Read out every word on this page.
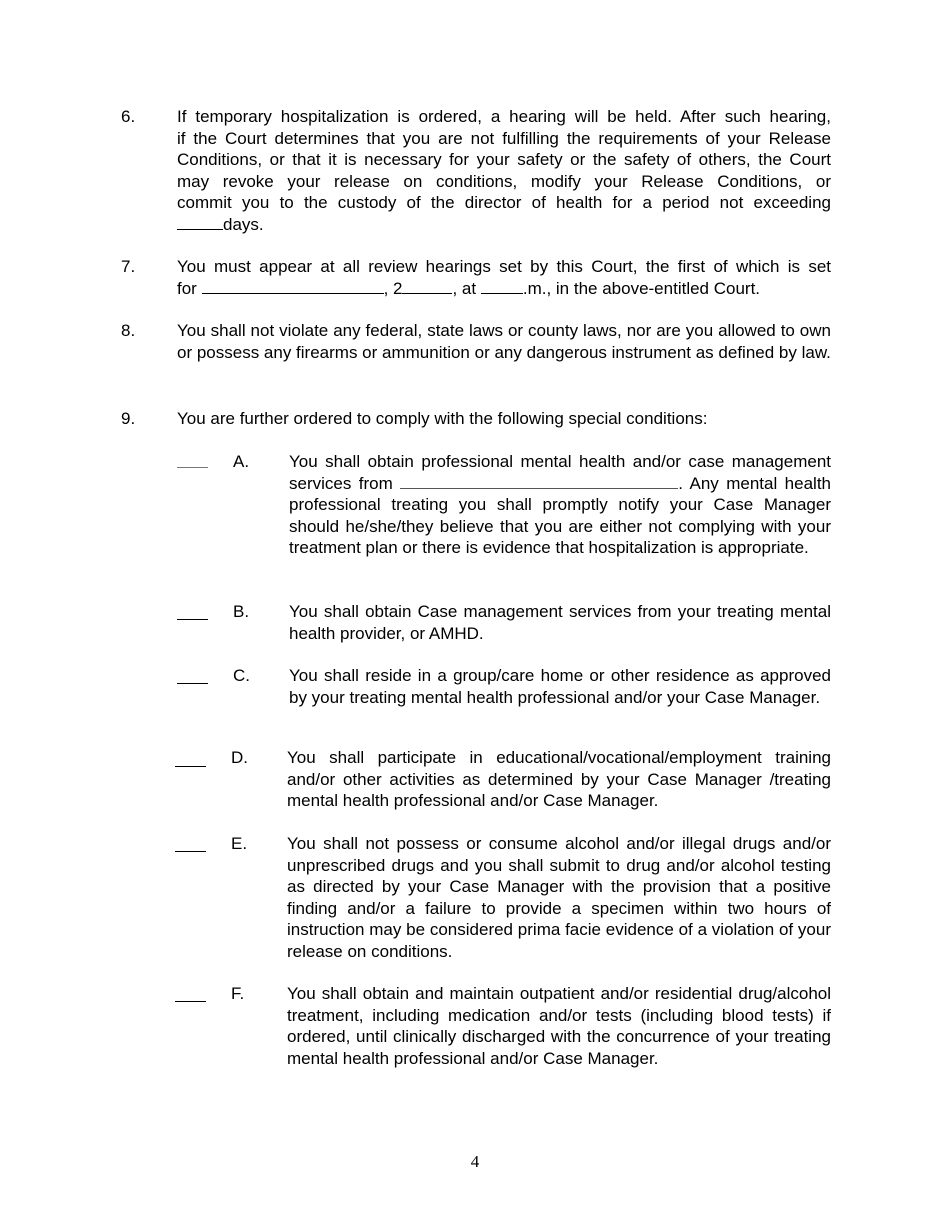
6. If temporary hospitalization is ordered, a hearing will be held. After such hearing,
if the Court determines that you are not fulfilling the requirements of your Release
Conditions, or that it is necessary for your safety or the safety of others, the Court
may revoke your release on conditions, modify your Release Conditions, or
commit you to the custody of the director of health for a period not exceeding
days.
7. You must appear at all review hearings set by this Court, the first of which is set
for	, 2	, at	.m., in the above-entitled Court.
8. You shall not violate any federal, state laws or county laws, nor are you allowed to own or possess any firearms or ammunition or any dangerous instrument as defined by law.
9. You are further ordered to comply with the following special conditions:
A. You shall obtain professional mental health and/or case management services from	. Any mental health professional treating you shall promptly notify your Case Manager should he/she/they believe that you are either not complying with your treatment plan or there is evidence that hospitalization is appropriate.
B. You shall obtain Case management services from your treating mental health provider, or AMHD.
C. You shall reside in a group/care home or other residence as approved by your treating mental health professional and/or your Case Manager.
D. You shall participate in educational/vocational/employment training and/or other activities as determined by your Case Manager /treating mental health professional and/or Case Manager.
E. You shall not possess or consume alcohol and/or illegal drugs and/or unprescribed drugs and you shall submit to drug and/or alcohol testing as directed by your Case Manager with the provision that a positive finding and/or a failure to provide a specimen within two hours of instruction may be considered prima facie evidence of a violation of your release on conditions.
F.	You shall obtain and maintain outpatient and/or residential drug/alcohol treatment, including medication and/or tests (including blood tests) if ordered, until clinically discharged with the concurrence of your treating mental health professional and/or Case Manager.
4
